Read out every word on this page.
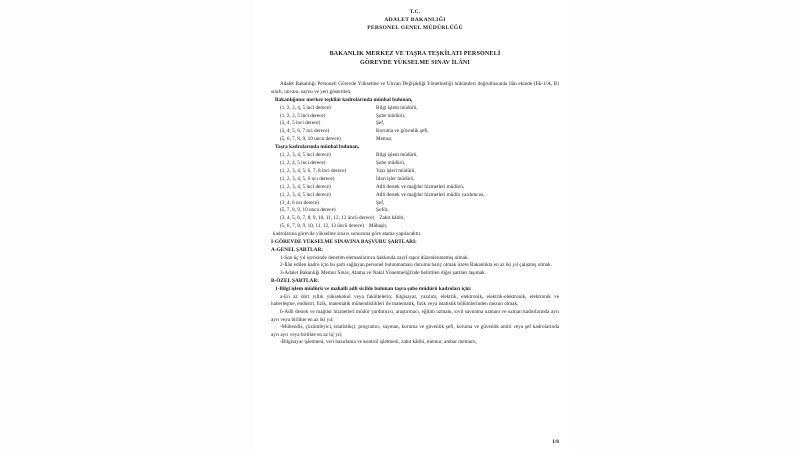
T.C.
ADALET BAKANLIĞI
PERSONEL GENEL MÜDÜRLÜĞÜ
BAKANLIK MERKEZ VE TAŞRA TEŞKİLATI PERSONELİ
GÖREVDE YÜKSELME SINAV İLÂNI

Adalet Bakanlığı Personeli Görevde Yükselme ve Unvan Değişikliği Yönetmeliği hükümleri doğrultusunda ilân ekinde (Ek-1/A, B) sınıfı, unvanı, sayısı ve yeri gösterilen;

Bakanlığımız merkez teşkilat kadrolarında münhal bulunan,

(1, 2, 3, 4, 5 inci derece)	Bilgi işlem müdürü,
(1, 2, 3, 5 inci derece)	Şube müdürü,
(3, 4, 5 inci derece)	Şef,
(3, 4, 5, 6, 7 nci derece)	Koruma ve güvenlik şefi,
(5, 6, 7, 8, 9, 10 uncu derece)	Memur,

Taşra kadrolarında münhal bulunan,

(1, 2, 3, 4, 5 inci derece)	Bilgi işlem müdürü,
(1, 2, 4, 5 inci derece)	Şube müdürü,
(1, 2, 3, 4, 5, 6, 7, 8 inci derece)	Yazı işleri müdürü,
(1, 2, 3, 4, 5, 6 ncı derece)	İdari işler müdürü,
(1, 2, 3, 4, 5 inci derece)	Adli destek ve mağdur hizmetleri müdürü,
(1, 2, 3, 4, 5 inci derece)	Adli destek ve mağdur hizmetleri müdür yardımcısı,
(3, 4, 6 ncı derece)	Şef,
(5, 7, 8, 9, 10 uncu derece)	Şoför,
(3, 4, 5, 6, 7, 8, 9, 10, 11, 12, 13 üncü derece) Zabıt kâtibi,
(5, 6, 7, 8, 9, 10, 11, 12, 13 üncü derece) Mübaşir,
kadrolarına görevde yükselme sınavı sonucuna göre atama yapılacaktır.

I-GÖREVDE YÜKSELME SINAVINA BAŞVURU ŞARTLARI:

A-GENEL ŞARTLAR:

1-Son üç yıl içerisinde denetim elemanlarınca hakkında zayıf rapor düzenlenmemiş olmak.

2-İlân edilen kadro için bu şartı sağlayan personel bulunmaması durumu hariç olmak üzere Bakanlıkta en az iki yıl çalışmış olmak.

3-Adalet Bakanlığı Memur Sınav, Atama ve Nakil Yönetmeliği'nde belirtilen diğer şartları taşımak.

B-ÖZEL ŞARTLAR:

1-Bilgi işlem müdürü ve mahalli adli sicilde bulunan taşra şube müdürü kadroları için:

a-En az dört yıllık yüksekokul veya fakültelerin; bilgisayar, yazılım, elektrik, elektronik, elektrik-elektronik, elektronik ve haberleşme, endüstri, fizik, matematik mühendislikleri ile matematik, fizik veya istatistik bölümlerinden mezun olmak,

b-Adli destek ve mağdur hizmetleri müdür yardımcısı, araştırmacı, eğitim uzmanı, sivil savunma uzmanı ve uzman kadrolarında ayrı ayrı veya birlikte en az iki yıl;

-Mühendis, çözümleyici, istatistikçi, programcı, sayman, koruma ve güvenlik şefi, koruma ve güvenlik amiri veya şef kadrolarında ayrı ayrı veya birlikte en az üç yıl;

-Bilgisayar işletmeni, veri hazırlama ve kontrol işletmeni, zabıt kâtibi, memur, ambar memuru,

1/8
